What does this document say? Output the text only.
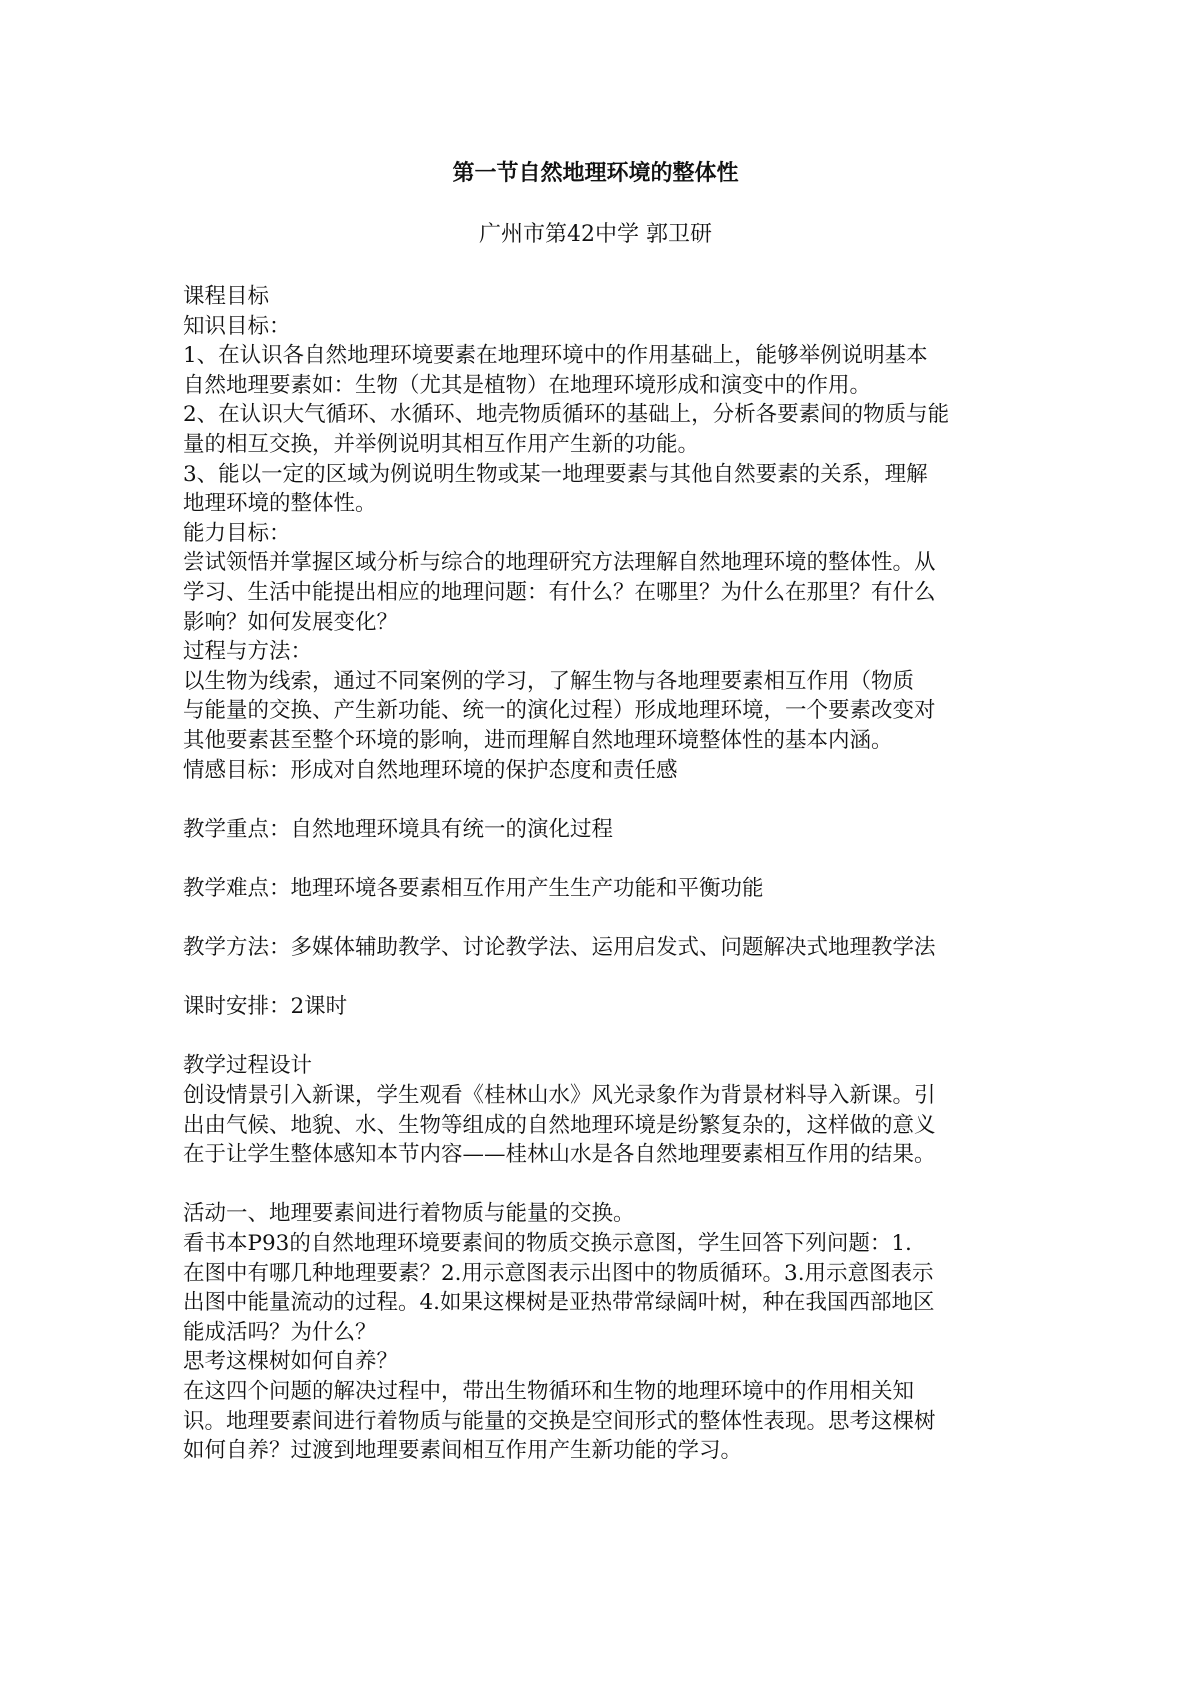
第一节自然地理环境的整体性
广州市第42中学 郭卫研

课程目标

知识目标：

1、在认识各自然地理环境要素在地理环境中的作用基础上，能够举例说明基本

自然地理要素如：生物（尤其是植物）在地理环境形成和演变中的作用。

2、在认识大气循环、水循环、地壳物质循环的基础上，分析各要素间的物质与能

量的相互交换，并举例说明其相互作用产生新的功能。

3、能以一定的区域为例说明生物或某一地理要素与其他自然要素的关系，理解

地理环境的整体性。

能力目标：

尝试领悟并掌握区域分析与综合的地理研究方法理解自然地理环境的整体性。从

学习、生活中能提出相应的地理问题：有什么？在哪里？为什么在那里？有什么

影响？如何发展变化？

过程与方法：

以生物为线索，通过不同案例的学习，了解生物与各地理要素相互作用（物质

与能量的交换、产生新功能、统一的演化过程）形成地理环境，一个要素改变对

其他要素甚至整个环境的影响，进而理解自然地理环境整体性的基本内涵。

情感目标：形成对自然地理环境的保护态度和责任感

教学重点：自然地理环境具有统一的演化过程

教学难点：地理环境各要素相互作用产生生产功能和平衡功能

教学方法：多媒体辅助教学、讨论教学法、运用启发式、问题解决式地理教学法

课时安排：2课时

教学过程设计

创设情景引入新课，学生观看《桂林山水》风光录象作为背景材料导入新课。引

出由气候、地貌、水、生物等组成的自然地理环境是纷繁复杂的，这样做的意义

在于让学生整体感知本节内容——桂林山水是各自然地理要素相互作用的结果。

活动一、地理要素间进行着物质与能量的交换。

看书本P93的自然地理环境要素间的物质交换示意图，学生回答下列问题：1.

在图中有哪几种地理要素？2.用示意图表示出图中的物质循环。3.用示意图表示

出图中能量流动的过程。4.如果这棵树是亚热带常绿阔叶树，种在我国西部地区

能成活吗？为什么？

思考这棵树如何自养？

在这四个问题的解决过程中，带出生物循环和生物的地理环境中的作用相关知

识。地理要素间进行着物质与能量的交换是空间形式的整体性表现。思考这棵树

如何自养？过渡到地理要素间相互作用产生新功能的学习。
